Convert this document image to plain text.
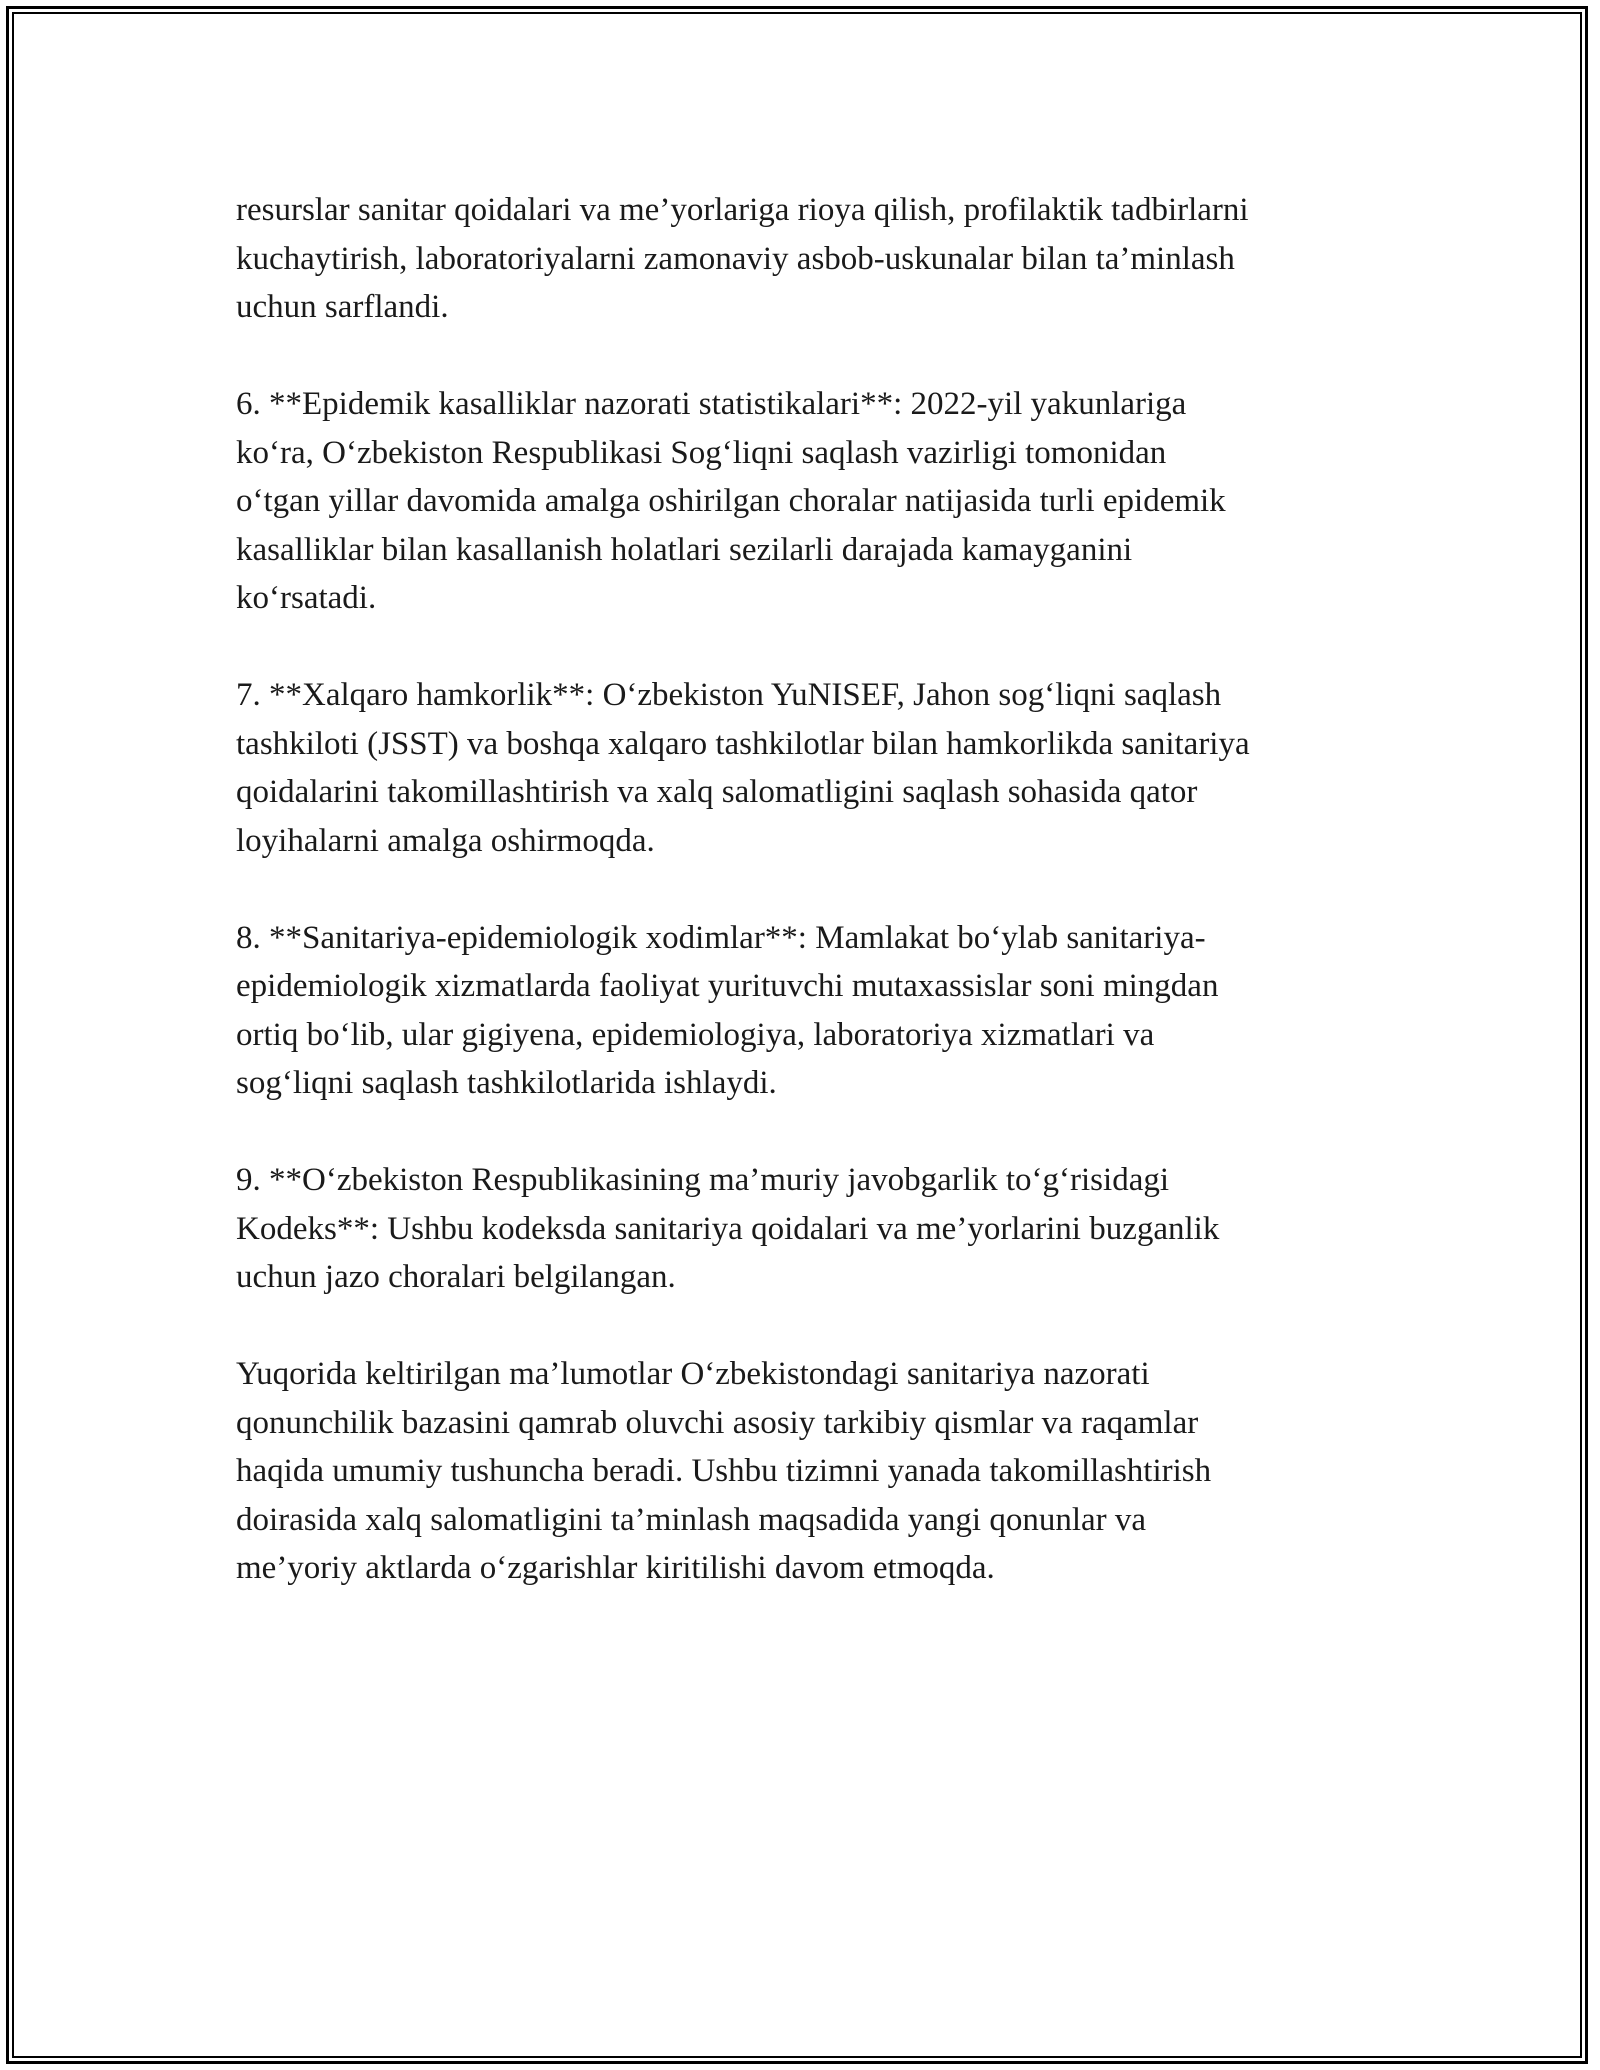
resurslar sanitar qoidalari va me’yorlariga rioya qilish, profilaktik tadbirlarni
kuchaytirish, laboratoriyalarni zamonaviy asbob-uskunalar bilan ta’minlash
uchun sarflandi.

6. **Epidemik kasalliklar nazorati statistikalari**: 2022-yil yakunlariga
ko‘ra, O‘zbekiston Respublikasi Sog‘liqni saqlash vazirligi tomonidan
o‘tgan yillar davomida amalga oshirilgan choralar natijasida turli epidemik
kasalliklar bilan kasallanish holatlari sezilarli darajada kamayganini
ko‘rsatadi.

7. **Xalqaro hamkorlik**: O‘zbekiston YuNISEF, Jahon sog‘liqni saqlash
tashkiloti (JSST) va boshqa xalqaro tashkilotlar bilan hamkorlikda sanitariya
qoidalarini takomillashtirish va xalq salomatligini saqlash sohasida qator
loyihalarni amalga oshirmoqda.

8. **Sanitariya-epidemiologik xodimlar**: Mamlakat bo‘ylab sanitariya-
epidemiologik xizmatlarda faoliyat yurituvchi mutaxassislar soni mingdan
ortiq bo‘lib, ular gigiyena, epidemiologiya, laboratoriya xizmatlari va
sog‘liqni saqlash tashkilotlarida ishlaydi.

9. **O‘zbekiston Respublikasining ma’muriy javobgarlik to‘g‘risidagi
Kodeks**: Ushbu kodeksda sanitariya qoidalari va me’yorlarini buzganlik
uchun jazo choralari belgilangan.

Yuqorida keltirilgan ma’lumotlar O‘zbekistondagi sanitariya nazorati
qonunchilik bazasini qamrab oluvchi asosiy tarkibiy qismlar va raqamlar
haqida umumiy tushuncha beradi. Ushbu tizimni yanada takomillashtirish
doirasida xalq salomatligini ta’minlash maqsadida yangi qonunlar va
me’yoriy aktlarda o‘zgarishlar kiritilishi davom etmoqda.
